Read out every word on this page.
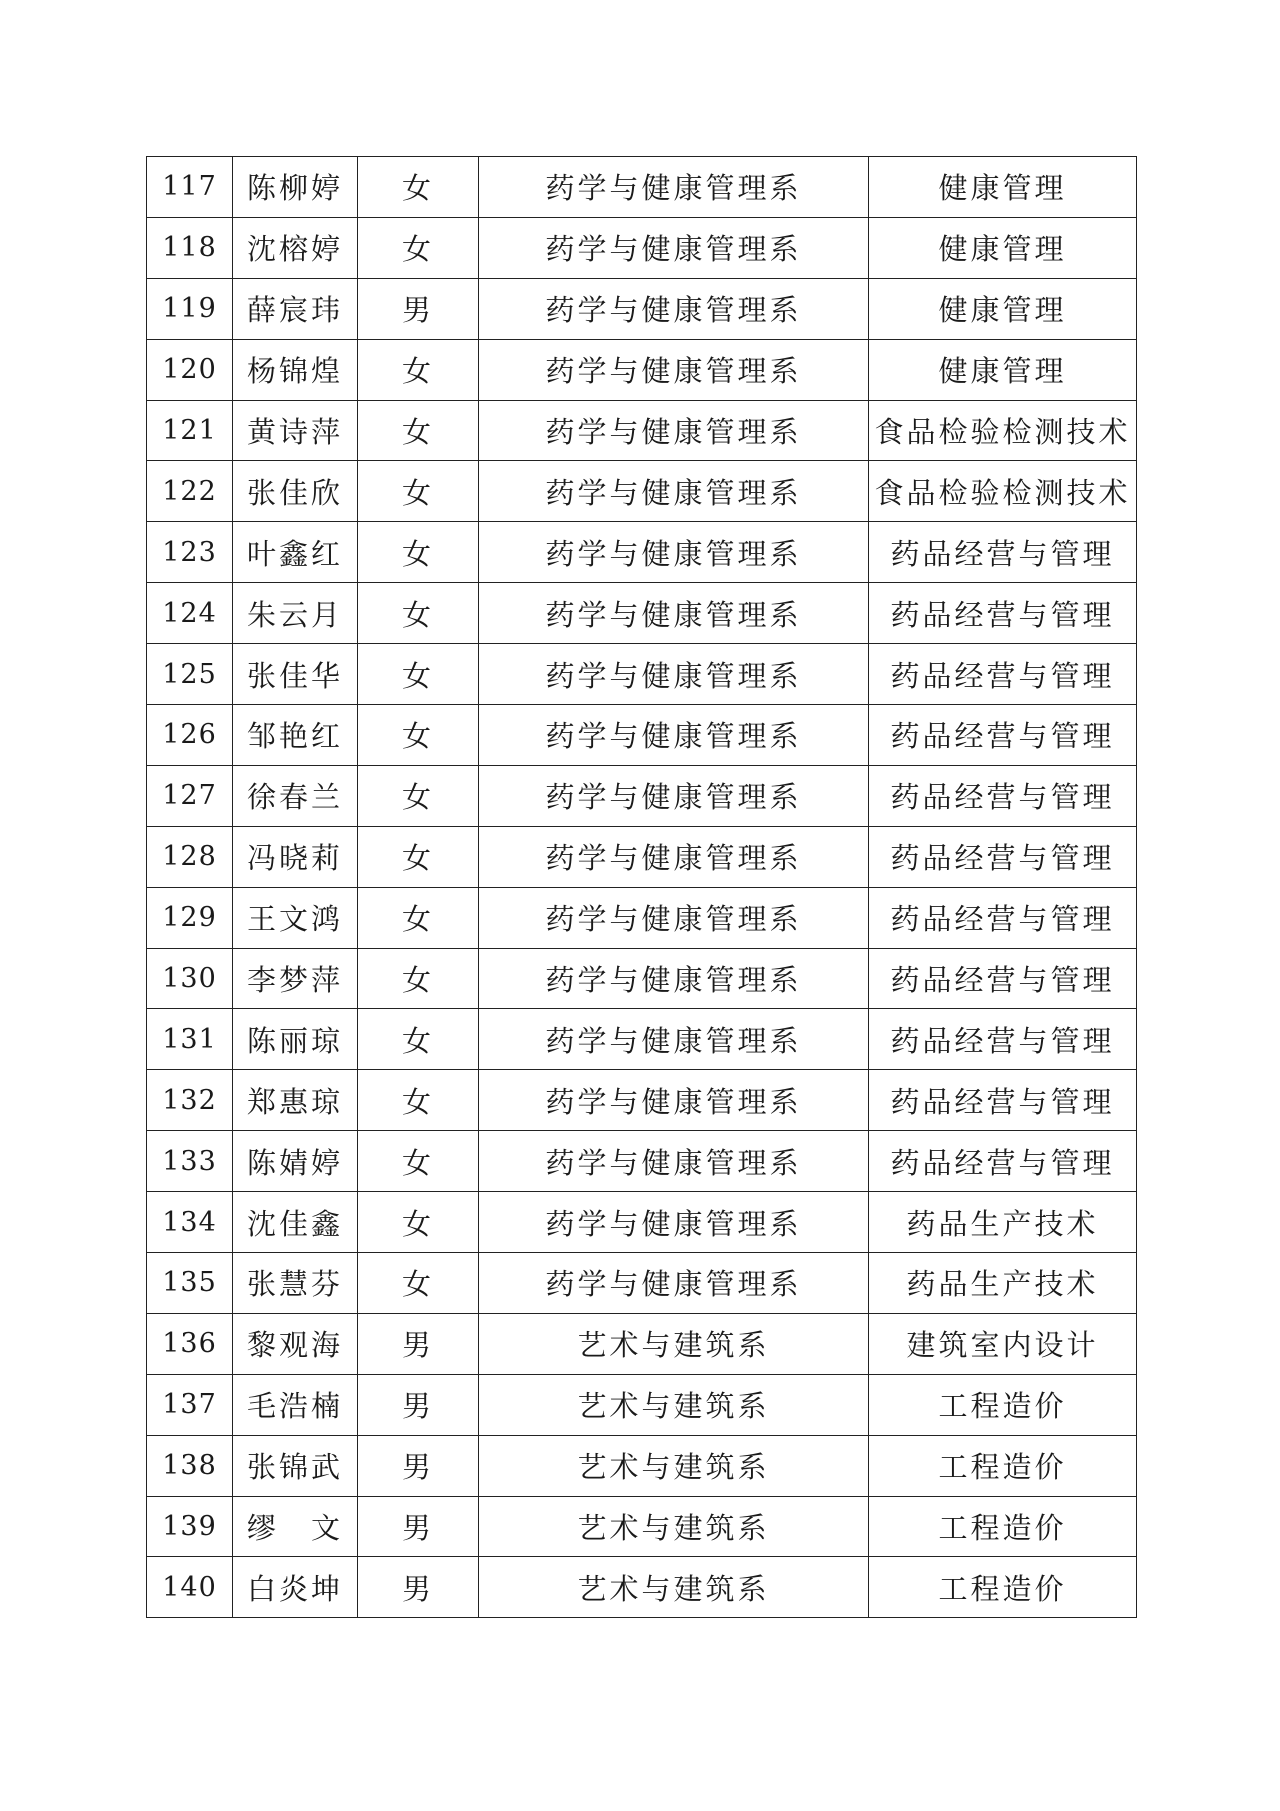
117	陈柳婷	女	药学与健康管理系	健康管理
118	沈榕婷	女	药学与健康管理系	健康管理
119	薛宸玮	男	药学与健康管理系	健康管理
120	杨锦煌	女	药学与健康管理系	健康管理
121	黄诗萍	女	药学与健康管理系	食品检验检测技术
122	张佳欣	女	药学与健康管理系	食品检验检测技术
123	叶鑫红	女	药学与健康管理系	药品经营与管理
124	朱云月	女	药学与健康管理系	药品经营与管理
125	张佳华	女	药学与健康管理系	药品经营与管理
126	邹艳红	女	药学与健康管理系	药品经营与管理
127	徐春兰	女	药学与健康管理系	药品经营与管理
128	冯晓莉	女	药学与健康管理系	药品经营与管理
129	王文鸿	女	药学与健康管理系	药品经营与管理
130	李梦萍	女	药学与健康管理系	药品经营与管理
131	陈丽琼	女	药学与健康管理系	药品经营与管理
132	郑惠琼	女	药学与健康管理系	药品经营与管理
133	陈婧婷	女	药学与健康管理系	药品经营与管理
134	沈佳鑫	女	药学与健康管理系	药品生产技术
135	张慧芬	女	药学与健康管理系	药品生产技术
136	黎观海	男	艺术与建筑系	建筑室内设计
137	毛浩楠	男	艺术与建筑系	工程造价
138	张锦武	男	艺术与建筑系	工程造价
139	缪　文	男	艺术与建筑系	工程造价
140	白炎坤	男	艺术与建筑系	工程造价
